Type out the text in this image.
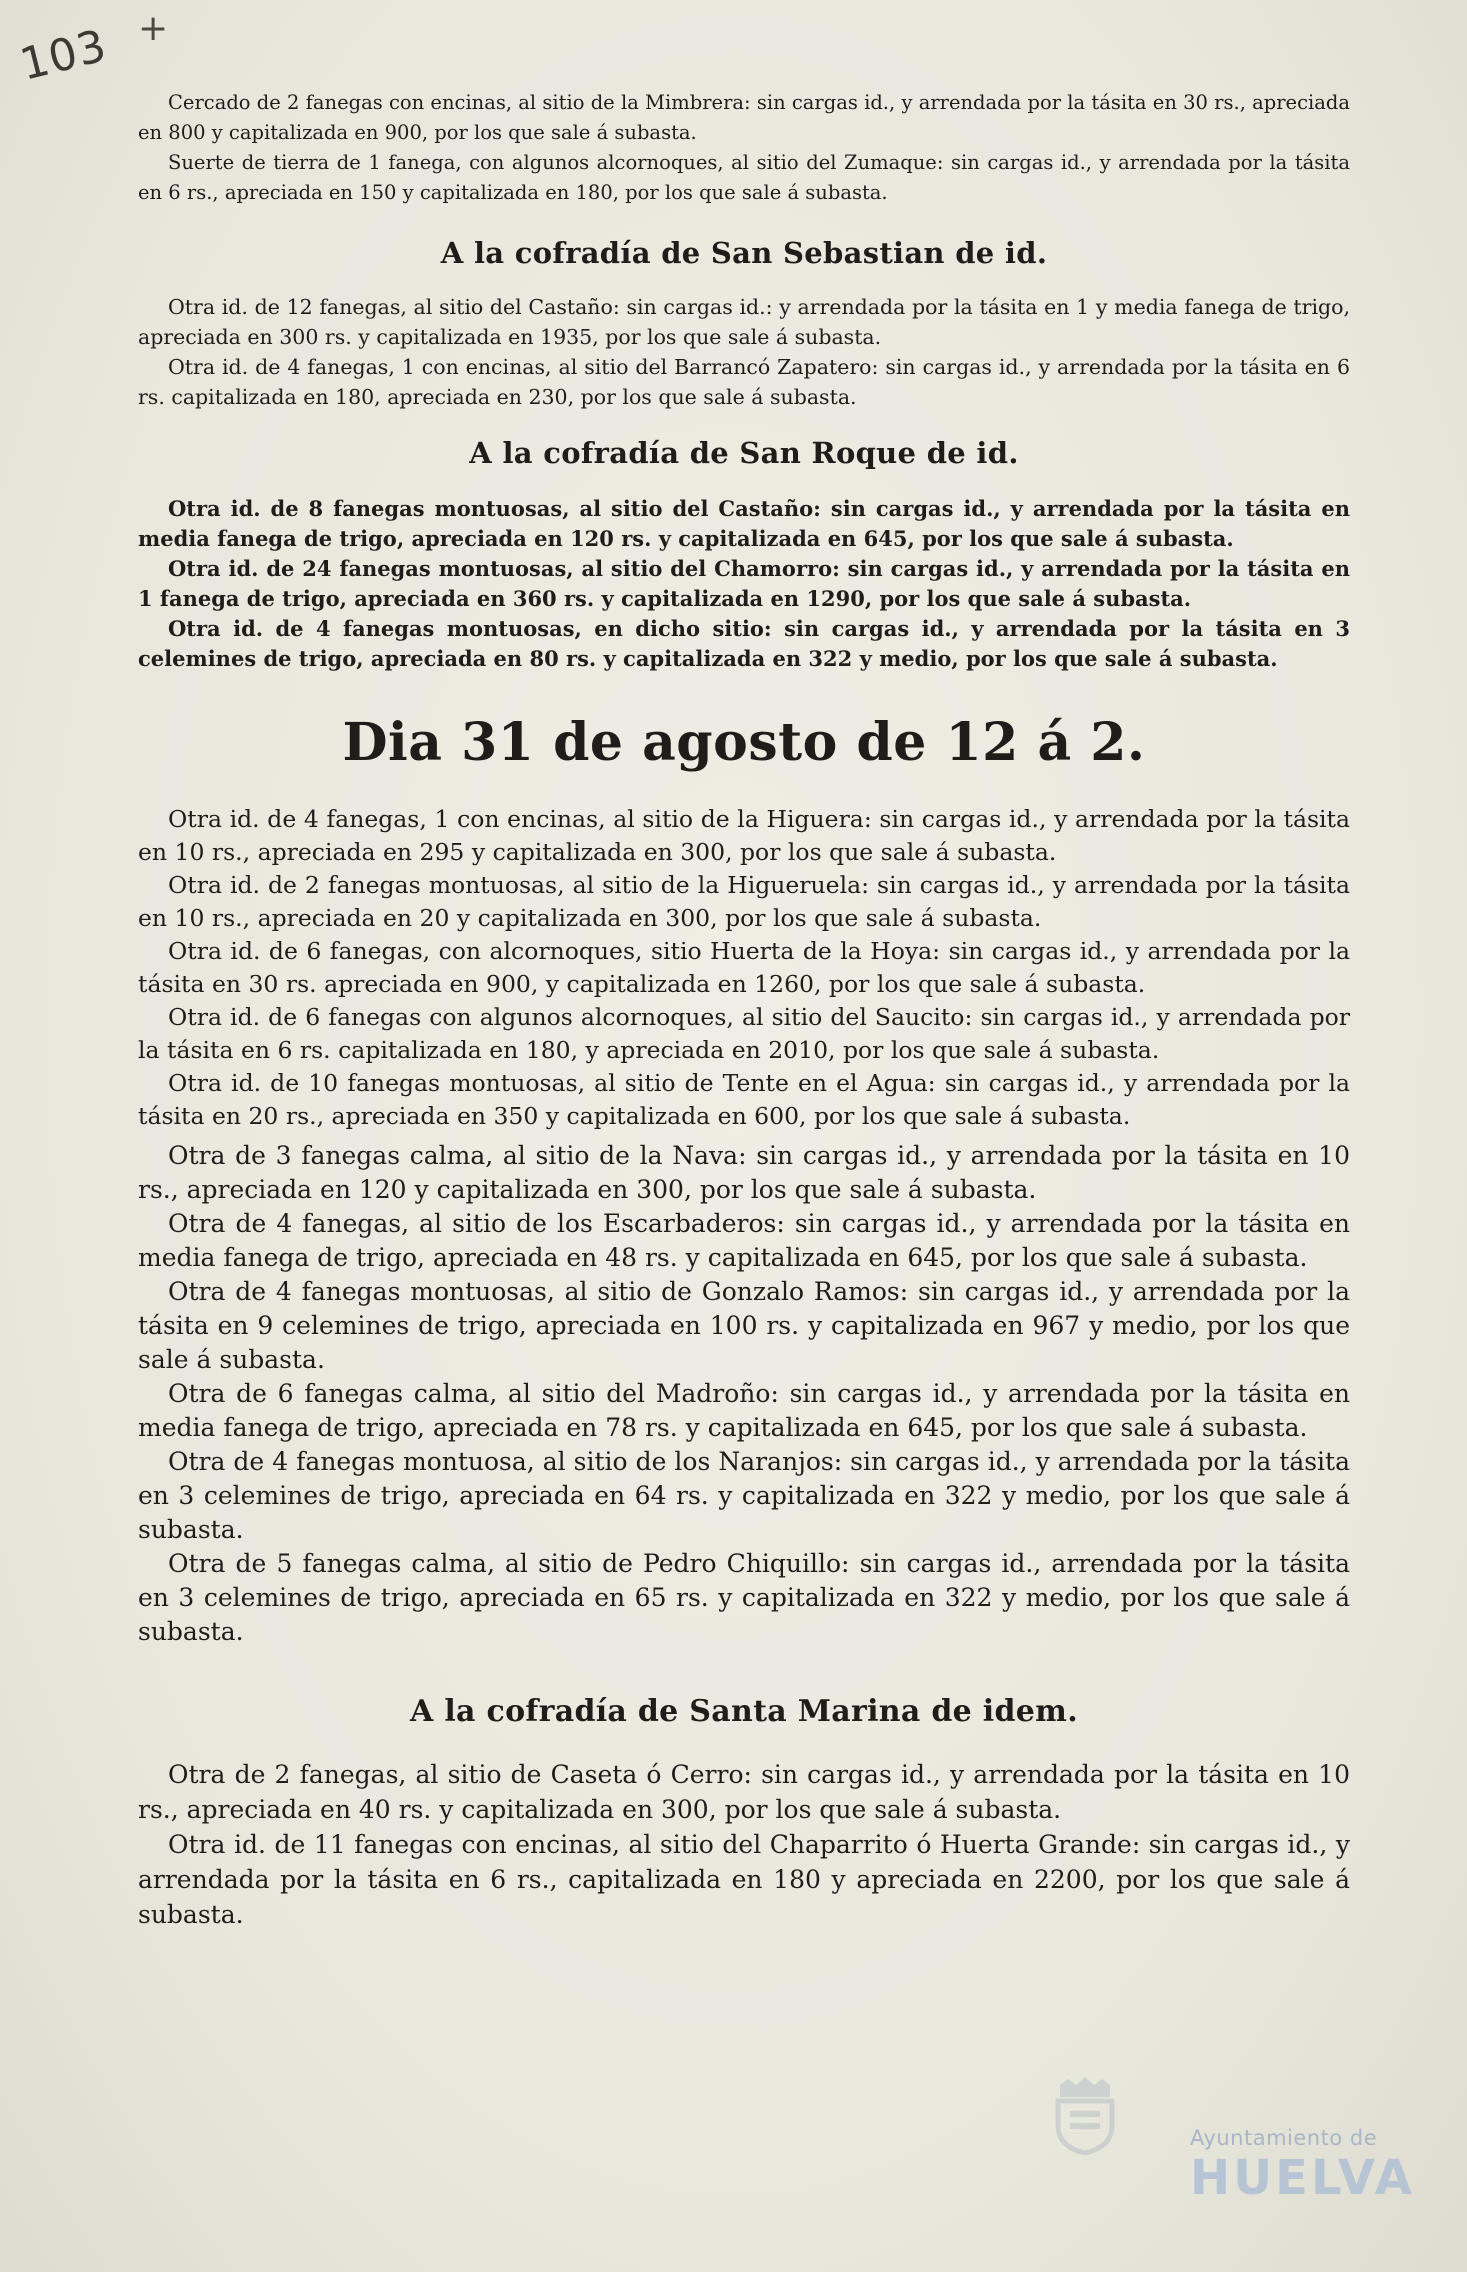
103 +

Cercado de 2 fanegas con encinas, al sitio de la Mimbrera: sin cargas id., y arrendada por la tásita en 30 rs., apreciada en 800 y capitalizada en 900, por los que sale á subasta.

Suerte de tierra de 1 fanega, con algunos alcornoques, al sitio del Zumaque: sin cargas id., y arrendada por la tásita en 6 rs., apreciada en 150 y capitalizada en 180, por los que sale á subasta.

A la cofradía de San Sebastian de id.

Otra id. de 12 fanegas, al sitio del Castaño: sin cargas id.: y arrendada por la tásita en 1 y media fanega de trigo, apreciada en 300 rs. y capitalizada en 1935, por los que sale á subasta.

Otra id. de 4 fanegas, 1 con encinas, al sitio del Barrancó Zapatero: sin cargas id., y arrendada por la tásita en 6 rs. capitalizada en 180, apreciada en 230, por los que sale á subasta.

A la cofradía de San Roque de id.

Otra id. de 8 fanegas montuosas, al sitio del Castaño: sin cargas id., y arrendada por la tásita en media fanega de trigo, apreciada en 120 rs. y capitalizada en 645, por los que sale á subasta.

Otra id. de 24 fanegas montuosas, al sitio del Chamorro: sin cargas id., y arrendada por la tásita en 1 fanega de trigo, apreciada en 360 rs. y capitalizada en 1290, por los que sale á subasta.

Otra id. de 4 fanegas montuosas, en dicho sitio: sin cargas id., y arrendada por la tásita en 3 celemines de trigo, apreciada en 80 rs. y capitalizada en 322 y medio, por los que sale á subasta.

Dia 31 de agosto de 12 á 2.

Otra id. de 4 fanegas, 1 con encinas, al sitio de la Higuera: sin cargas id., y arrendada por la tásita en 10 rs., apreciada en 295 y capitalizada en 300, por los que sale á subasta.

Otra id. de 2 fanegas montuosas, al sitio de la Higueruela: sin cargas id., y arrendada por la tásita en 10 rs., apreciada en 20 y capitalizada en 300, por los que sale á subasta.

Otra id. de 6 fanegas, con alcornoques, sitio Huerta de la Hoya: sin cargas id., y arrendada por la tásita en 30 rs. apreciada en 900, y capitalizada en 1260, por los que sale á subasta.

Otra id. de 6 fanegas con algunos alcornoques, al sitio del Saucito: sin cargas id., y arrendada por la tásita en 6 rs. capitalizada en 180, y apreciada en 2010, por los que sale á subasta.

Otra id. de 10 fanegas montuosas, al sitio de Tente en el Agua: sin cargas id., y arrendada por la tásita en 20 rs., apreciada en 350 y capitalizada en 600, por los que sale á subasta.

Otra de 3 fanegas calma, al sitio de la Nava: sin cargas id., y arrendada por la tásita en 10 rs., apreciada en 120 y capitalizada en 300, por los que sale á subasta.

Otra de 4 fanegas, al sitio de los Escarbaderos: sin cargas id., y arrendada por la tásita en media fanega de trigo, apreciada en 48 rs. y capitalizada en 645, por los que sale á subasta.

Otra de 4 fanegas montuosas, al sitio de Gonzalo Ramos: sin cargas id., y arrendada por la tásita en 9 celemines de trigo, apreciada en 100 rs. y capitalizada en 967 y medio, por los que sale á subasta.

Otra de 6 fanegas calma, al sitio del Madroño: sin cargas id., y arrendada por la tásita en media fanega de trigo, apreciada en 78 rs. y capitalizada en 645, por los que sale á subasta.

Otra de 4 fanegas montuosa, al sitio de los Naranjos: sin cargas id., y arrendada por la tásita en 3 celemines de trigo, apreciada en 64 rs. y capitalizada en 322 y medio, por los que sale á subasta.

Otra de 5 fanegas calma, al sitio de Pedro Chiquillo: sin cargas id., arrendada por la tásita en 3 celemines de trigo, apreciada en 65 rs. y capitalizada en 322 y medio, por los que sale á subasta.

A la cofradía de Santa Marina de idem.

Otra de 2 fanegas, al sitio de Caseta ó Cerro: sin cargas id., y arrendada por la tásita en 10 rs., apreciada en 40 rs. y capitalizada en 300, por los que sale á subasta.

Otra id. de 11 fanegas con encinas, al sitio del Chaparrito ó Huerta Grande: sin cargas id., y arrendada por la tásita en 6 rs., capitalizada en 180 y apreciada en 2200, por los que sale á subasta.

Ayuntamiento de
HUELVA
